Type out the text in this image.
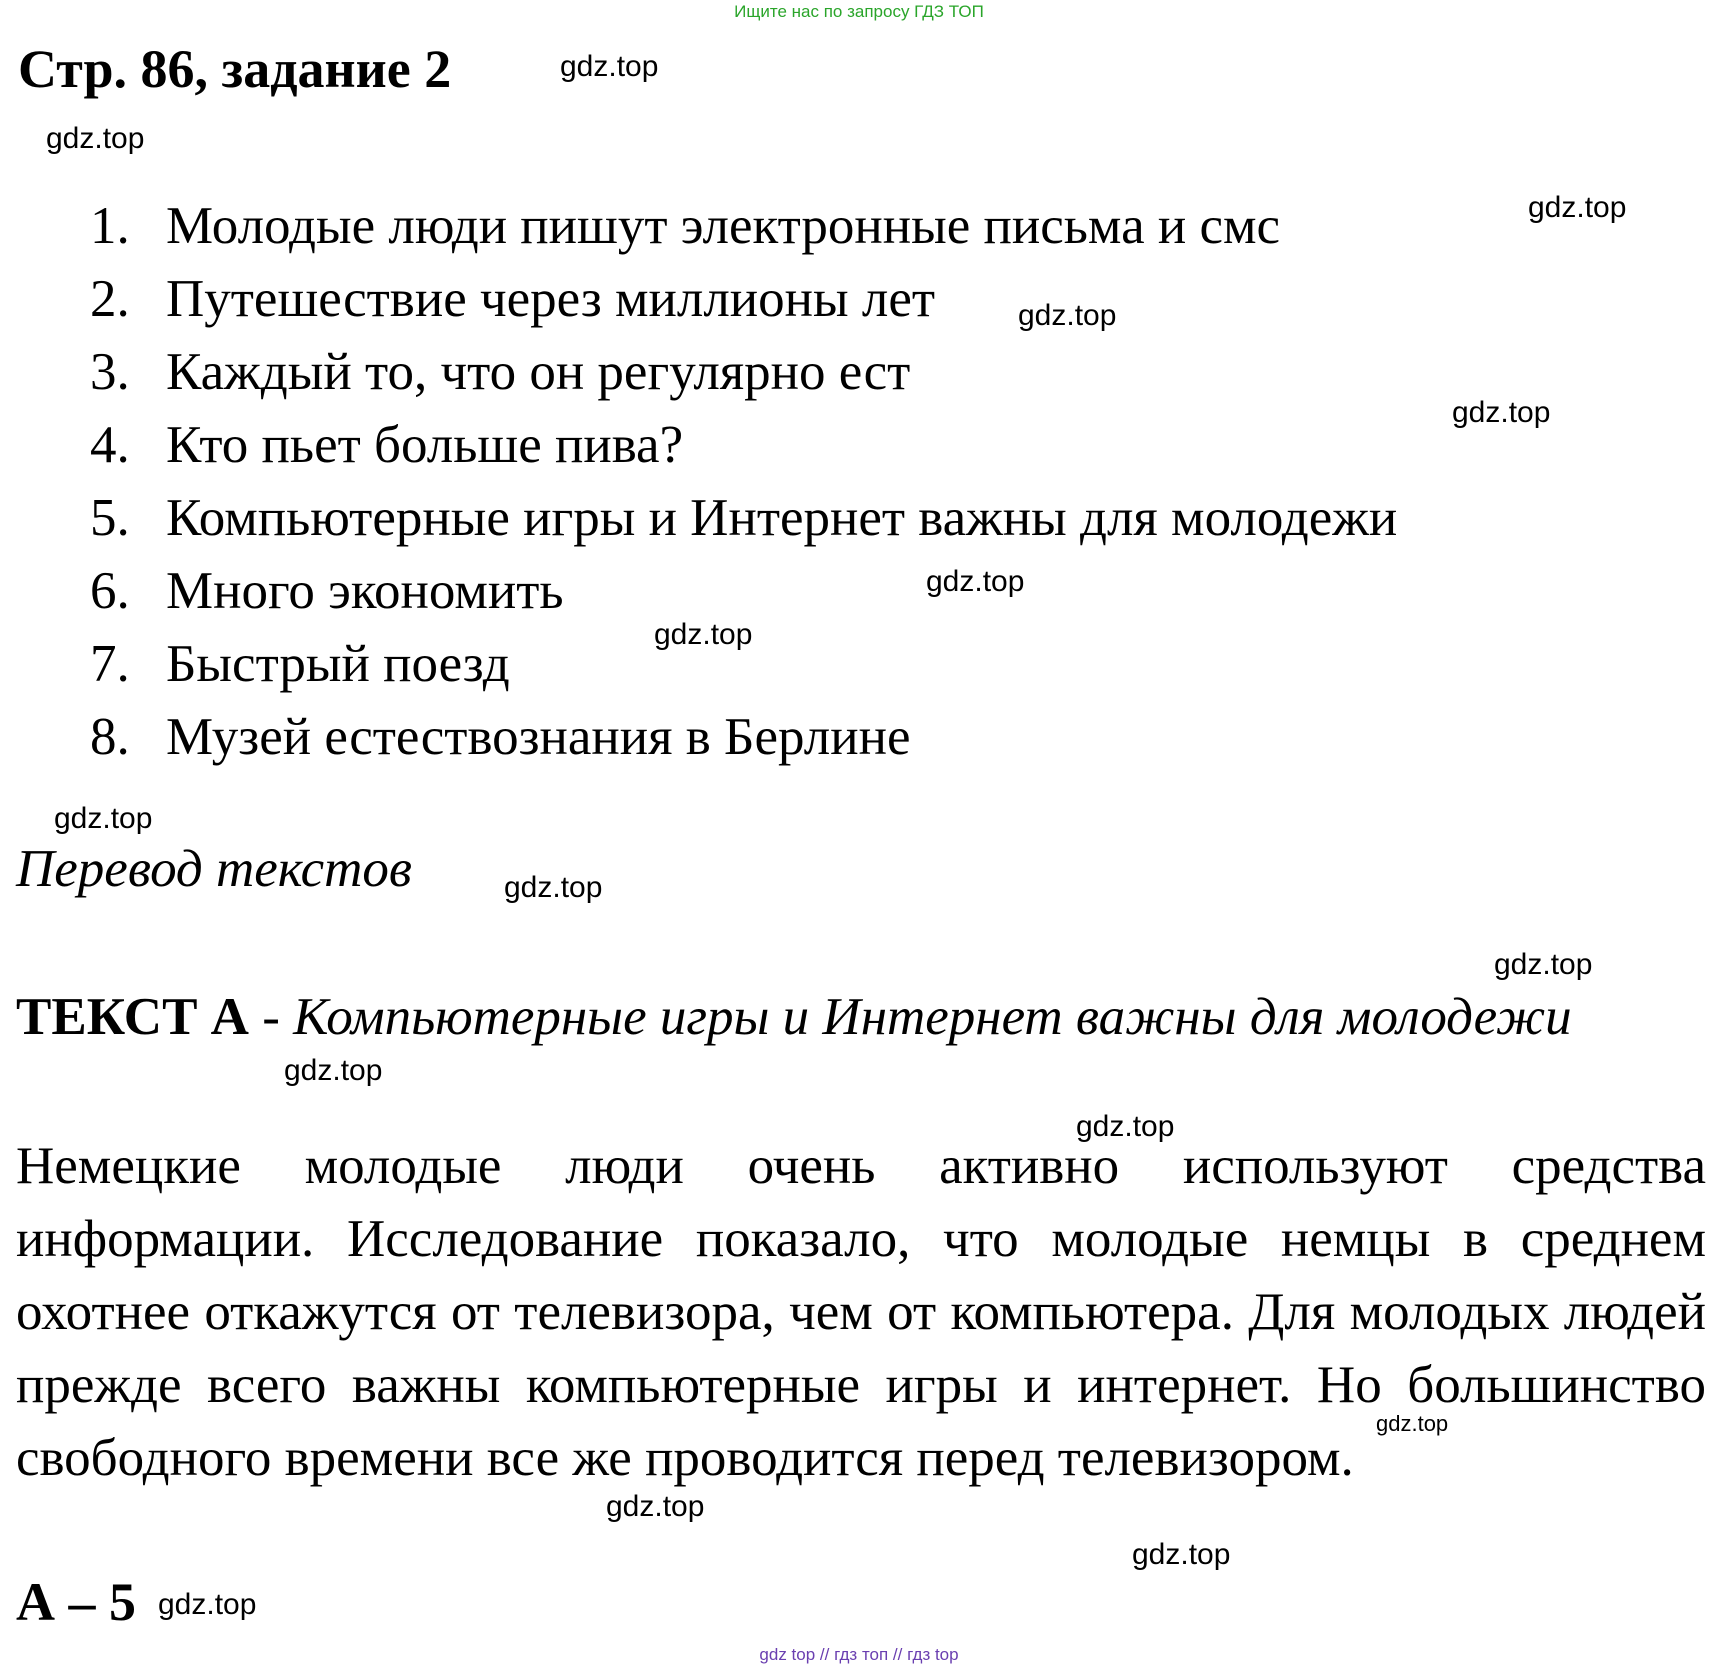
Ищите нас по запросу ГДЗ ТОП
Стр. 86, задание 2
1. Молодые люди пишут электронные письма и смс
2. Путешествие через миллионы лет
3. Каждый то, что он регулярно ест
4. Кто пьет больше пива?
5. Компьютерные игры и Интернет важны для молодежи
6. Много экономить
7. Быстрый поезд
8. Музей естествознания в Берлине
Перевод текстов
ТЕКСТ А - Компьютерные игры и Интернет важны для молодежи
Немецкие молодые люди очень активно используют средства информации. Исследование показало, что молодые немцы в среднем охотнее откажутся от телевизора, чем от компьютера. Для молодых людей прежде всего важны компьютерные игры и интернет. Но большинство свободного времени все же проводится перед телевизором.
А – 5
gdz.top
gdz.top
gdz.top
gdz.top
gdz.top
gdz.top
gdz.top
gdz.top
gdz.top
gdz.top
gdz.top
gdz.top
gdz.top
gdz.top
gdz.top
gdz.top
gdz top // гдз топ // гдз top
